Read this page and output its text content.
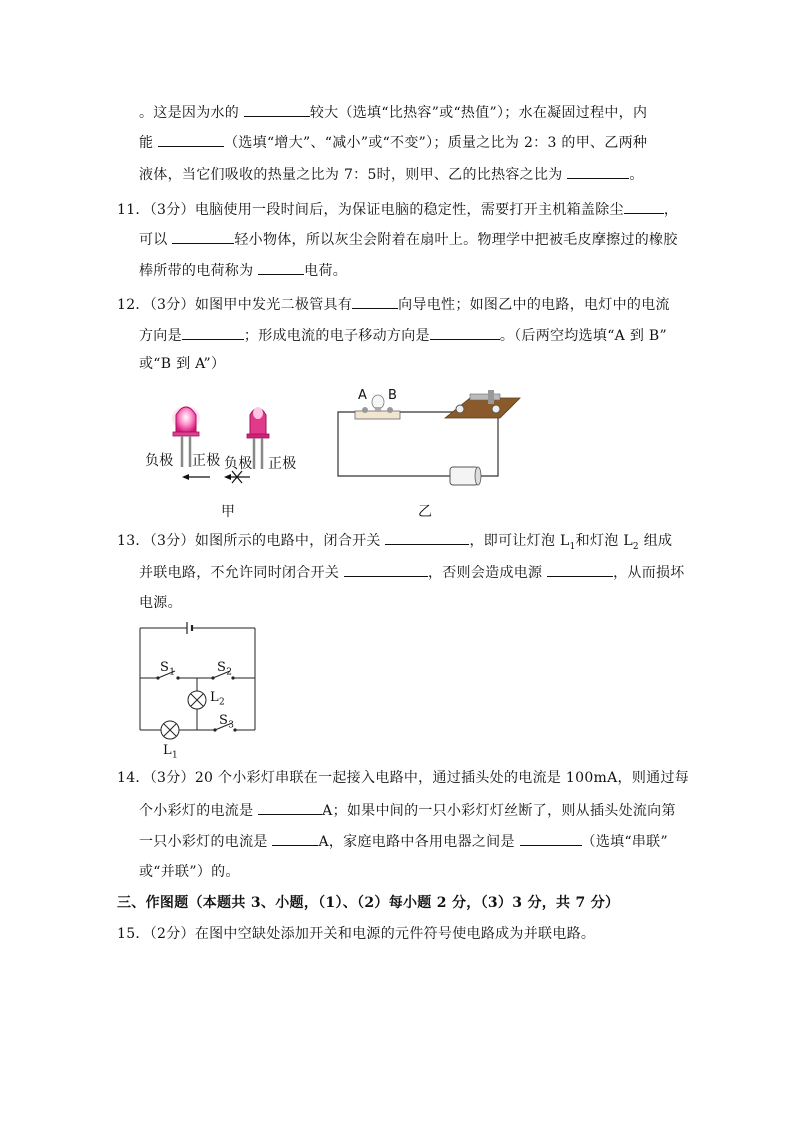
。这是因为水的	较大（选填“比热容”或“热值”）；水在凝固过程中，内
能	（选填“增大”、“减小”或“不变”）；质量之比为 2：3 的甲、乙两种
液体，当它们吸收的热量之比为 7：5时，则甲、乙的比热容之比为	。
11．（3分）电脑使用一段时间后，为保证电脑的稳定性，需要打开主机箱盖除尘	，
可以	轻小物体，所以灰尘会附着在扇叶上。物理学中把被毛皮摩擦过的橡胶
棒所带的电荷称为	电荷。
12．（3分）如图甲中发光二极管具有	向导电性；如图乙中的电路，电灯中的电流
方向是	；形成电流的电子移动方向是	。（后两空均选填“A 到 B”
或“B 到 A”）
负极 正极 负极 正极
甲
A B
乙
13．（3分）如图所示的电路中，闭合开关	，即可让灯泡 $L_1$和灯泡 $L_2$ 组成
并联电路，不允许同时闭合开关	，否则会造成电源	，从而损坏
电源。
$S_1$	$S_2$
$L_2$
$S_3$
$L_1$
14．（3分）20 个小彩灯串联在一起接入电路中，通过插头处的电流是 100mA，则通过每
个小彩灯的电流是	A；如果中间的一只小彩灯灯丝断了，则从插头处流向第
一只小彩灯的电流是	A，家庭电路中各用电器之间是	（选填“串联”
或“并联”）的。
三、作图题（本题共 3、小题，（1）、（2）每小题 2 分，（3）3 分，共 7 分）
15．（2分）在图中空缺处添加开关和电源的元件符号使电路成为并联电路。
